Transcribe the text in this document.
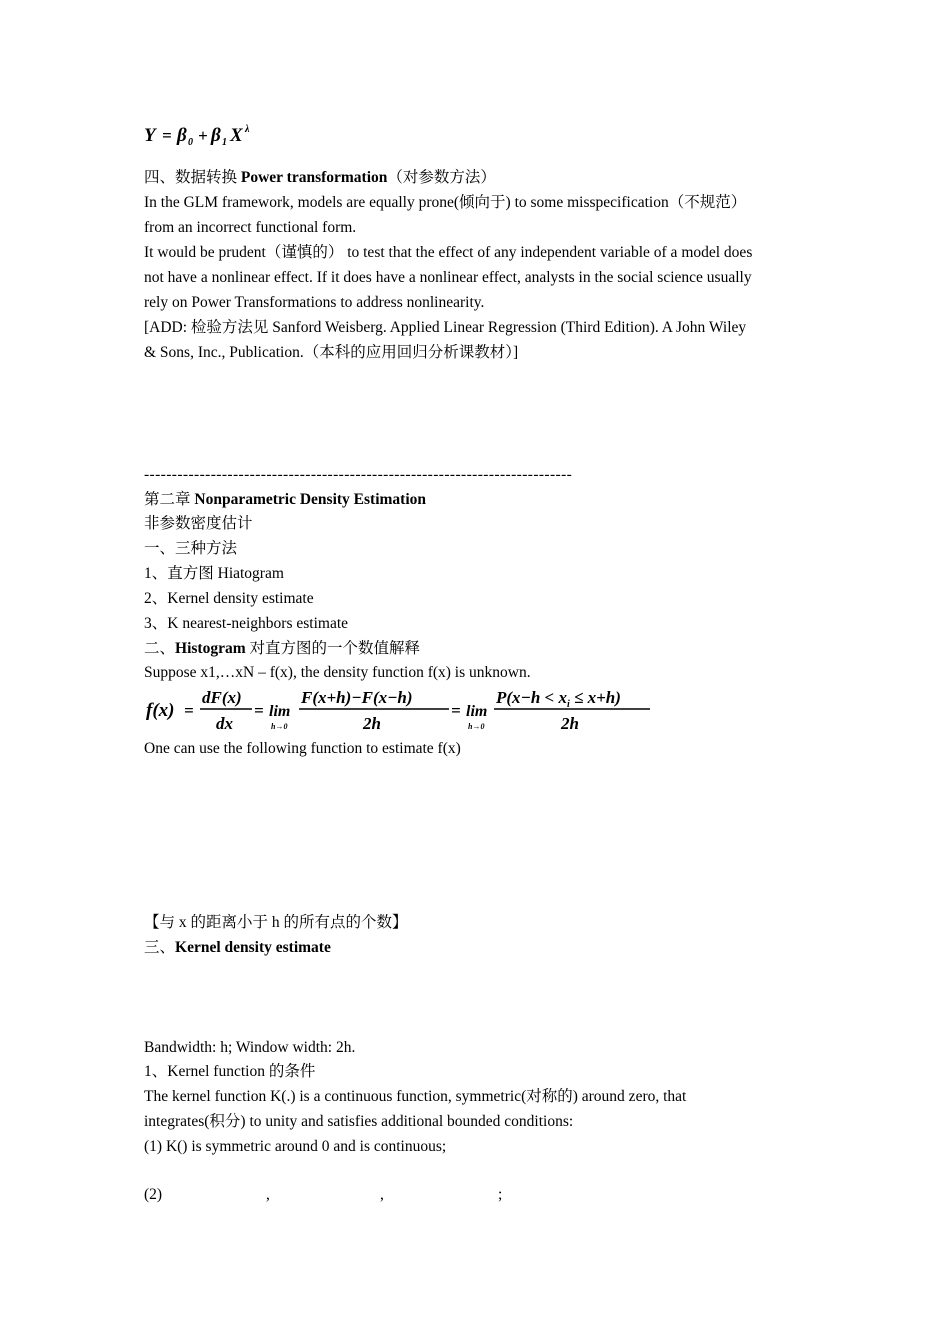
Y = β 0 + β 1 X λ
四、数据转换 Power transformation（对参数方法）
In the GLM framework, models are equally prone(倾向于) to some misspecification（不规范）
from an incorrect functional form.
It would be prudent（谨慎的） to test that the effect of any independent variable of a model does
not have a nonlinear effect. If it does have a nonlinear effect, analysts in the social science usually
rely on Power Transformations to address nonlinearity.
[ADD: 检验方法见 Sanford Weisberg. Applied Linear Regression (Third Edition). A John Wiley
& Sons, Inc., Publication.（本科的应用回归分析课教材）]
-----------------------------------------------------------------------------
第二章 Nonparametric Density Estimation
非参数密度估计
一、三种方法
1、直方图 Hiatogram
2、Kernel density estimate
3、K nearest-neighbors estimate
二、Histogram 对直方图的一个数值解释
Suppose x1,…xN – f(x), the density function f(x) is unknown.
f(x) =
dF(x)
dx
= lim
h→0
F(x+h)−F(x−h)
2h
= lim
h→0
$P(x-h < x_i \le x+h)$
2h
One can use the following function to estimate f(x)
【与 x 的距离小于 h 的所有点的个数】
三、Kernel density estimate
Bandwidth: h; Window width: 2h.
1、Kernel function 的条件
The kernel function K(.) is a continuous function, symmetric(对称的) around zero, that
integrates(积分) to unity and satisfies additional bounded conditions:
(1) K() is symmetric around 0 and is continuous;
(2)	,	,	;
